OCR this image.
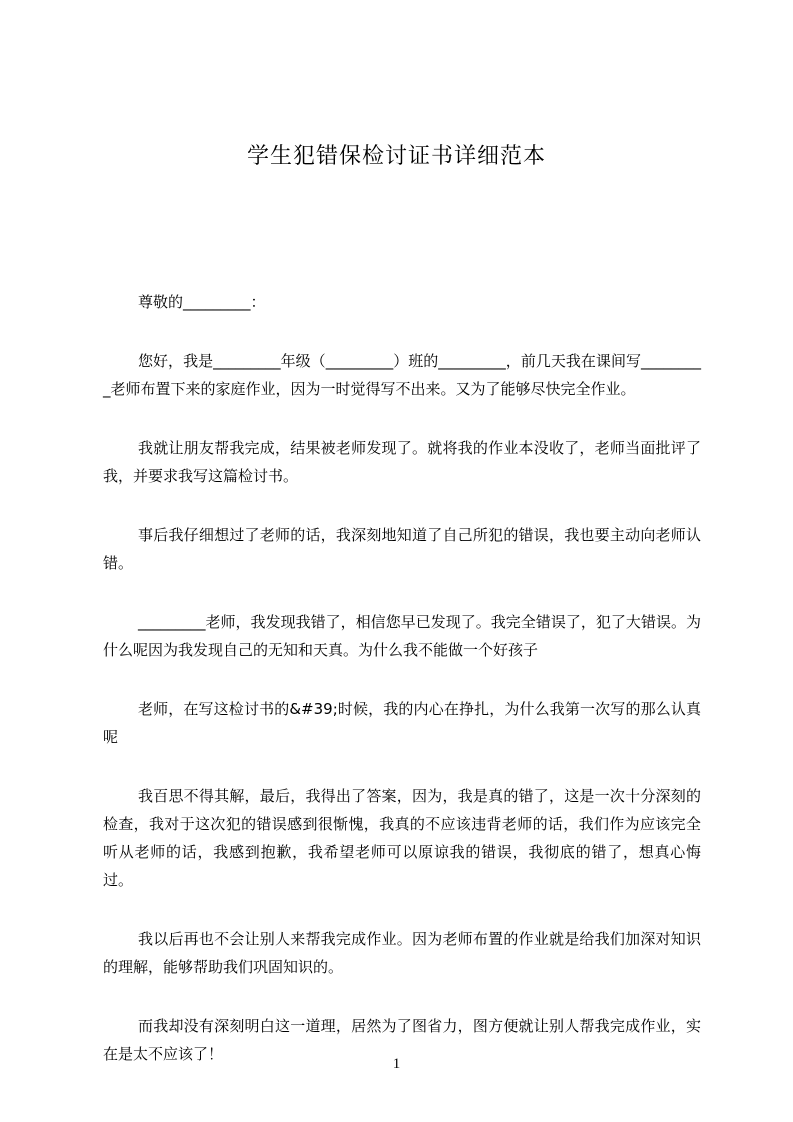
学生犯错保检讨证书详细范本

尊敬的_________：

您好，我是_________年级（_________）班的_________，前几天我在课间写_________老师布置下来的家庭作业，因为一时觉得写不出来。又为了能够尽快完全作业。

我就让朋友帮我完成，结果被老师发现了。就将我的作业本没收了，老师当面批评了我，并要求我写这篇检讨书。

事后我仔细想过了老师的话，我深刻地知道了自己所犯的错误，我也要主动向老师认错。

_________老师，我发现我错了，相信您早已发现了。我完全错误了，犯了大错误。为什么呢因为我发现自己的无知和天真。为什么我不能做一个好孩子

老师，在写这检讨书的&#39;时候，我的内心在挣扎，为什么我第一次写的那么认真呢

我百思不得其解，最后，我得出了答案，因为，我是真的错了，这是一次十分深刻的检查，我对于这次犯的错误感到很惭愧，我真的不应该违背老师的话，我们作为应该完全听从老师的话，我感到抱歉，我希望老师可以原谅我的错误，我彻底的错了，想真心悔过。

我以后再也不会让别人来帮我完成作业。因为老师布置的作业就是给我们加深对知识的理解，能够帮助我们巩固知识的。

而我却没有深刻明白这一道理，居然为了图省力，图方便就让别人帮我完成作业，实在是太不应该了！

1
